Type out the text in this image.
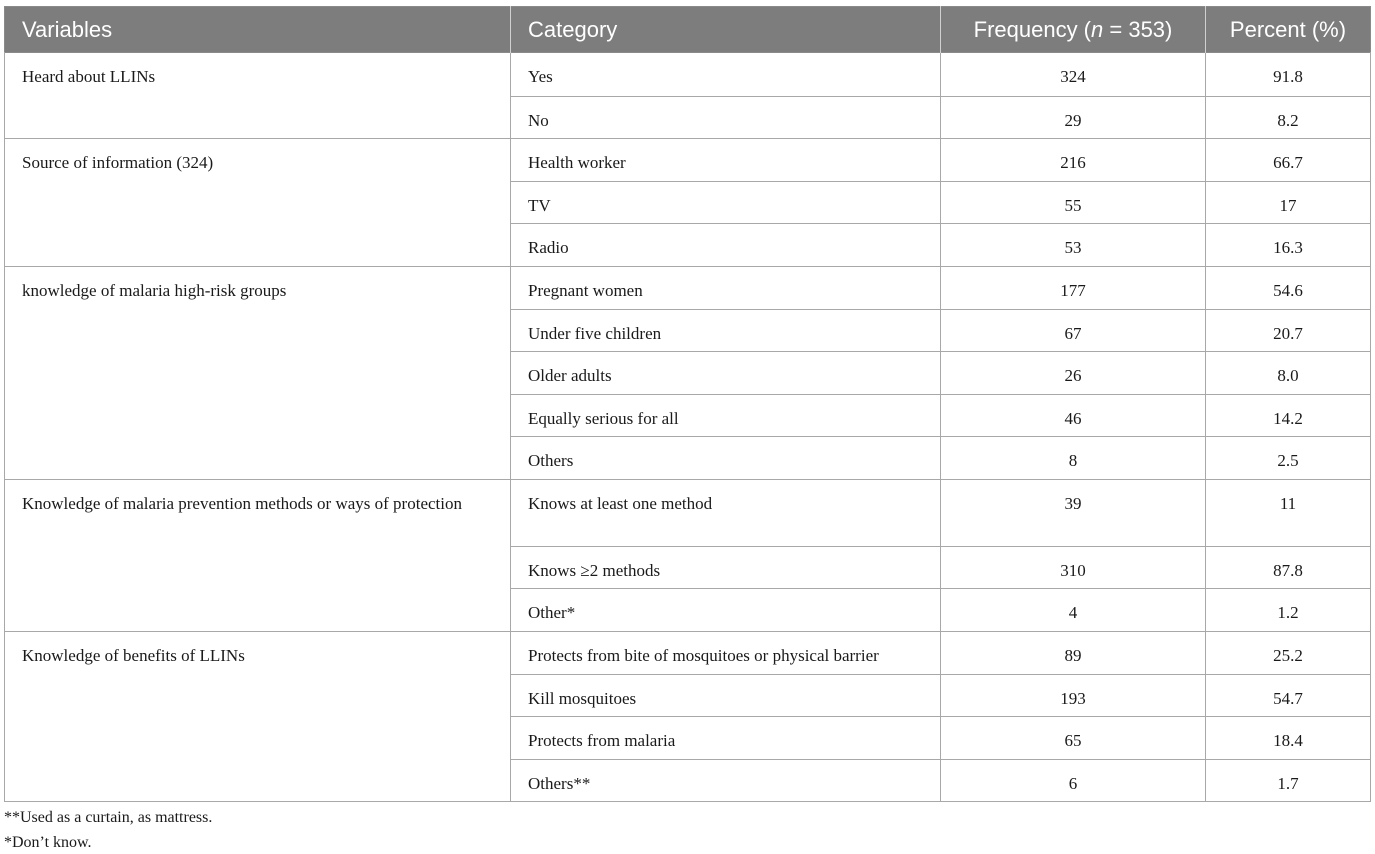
Variables	Category	Frequency (n = 353)	Percent (%)
Heard about LLINs	Yes	324	91.8
	No	29	8.2
Source of information (324)	Health worker	216	66.7
	TV	55	17
	Radio	53	16.3
knowledge of malaria high-risk groups	Pregnant women	177	54.6
	Under five children	67	20.7
	Older adults	26	8.0
	Equally serious for all	46	14.2
	Others	8	2.5
Knowledge of malaria prevention methods or ways of protection	Knows at least one method	39	11
	Knows ≥2 methods	310	87.8
	Other*	4	1.2
Knowledge of benefits of LLINs	Protects from bite of mosquitoes or physical barrier	89	25.2
	Kill mosquitoes	193	54.7
	Protects from malaria	65	18.4
	Others**	6	1.7
**Used as a curtain, as mattress.
*Don’t know.
